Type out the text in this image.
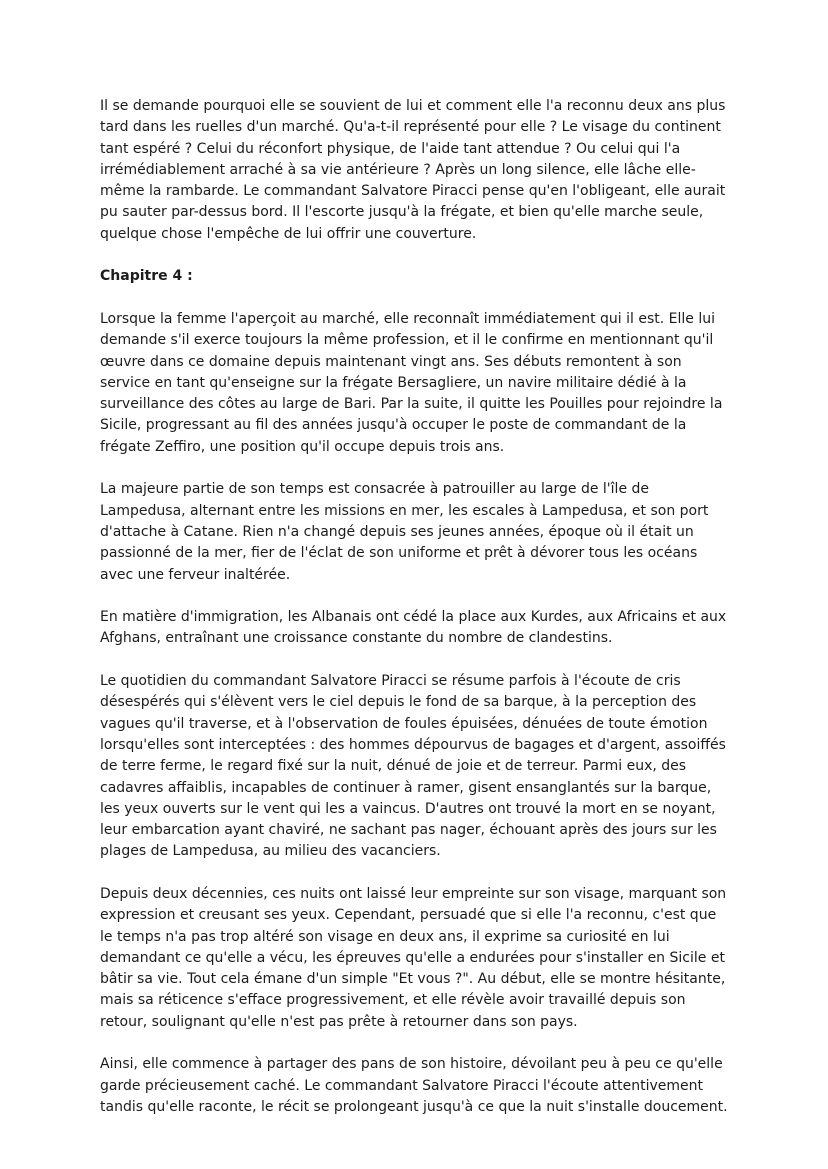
Il se demande pourquoi elle se souvient de lui et comment elle l'a reconnu deux ans plus tard dans les ruelles d'un marché. Qu'a-t-il représenté pour elle ? Le visage du continent tant espéré ? Celui du réconfort physique, de l'aide tant attendue ? Ou celui qui l'a irrémédiablement arraché à sa vie antérieure ? Après un long silence, elle lâche elle-même la rambarde. Le commandant Salvatore Piracci pense qu'en l'obligeant, elle aurait pu sauter par-dessus bord. Il l'escorte jusqu'à la frégate, et bien qu'elle marche seule, quelque chose l'empêche de lui offrir une couverture.

Chapitre 4 :

Lorsque la femme l'aperçoit au marché, elle reconnaît immédiatement qui il est. Elle lui demande s'il exerce toujours la même profession, et il le confirme en mentionnant qu'il œuvre dans ce domaine depuis maintenant vingt ans. Ses débuts remontent à son service en tant qu'enseigne sur la frégate Bersagliere, un navire militaire dédié à la surveillance des côtes au large de Bari. Par la suite, il quitte les Pouilles pour rejoindre la Sicile, progressant au fil des années jusqu'à occuper le poste de commandant de la frégate Zeffiro, une position qu'il occupe depuis trois ans.

La majeure partie de son temps est consacrée à patrouiller au large de l'île de Lampedusa, alternant entre les missions en mer, les escales à Lampedusa, et son port d'attache à Catane. Rien n'a changé depuis ses jeunes années, époque où il était un passionné de la mer, fier de l'éclat de son uniforme et prêt à dévorer tous les océans avec une ferveur inaltérée.

En matière d'immigration, les Albanais ont cédé la place aux Kurdes, aux Africains et aux Afghans, entraînant une croissance constante du nombre de clandestins.

Le quotidien du commandant Salvatore Piracci se résume parfois à l'écoute de cris désespérés qui s'élèvent vers le ciel depuis le fond de sa barque, à la perception des vagues qu'il traverse, et à l'observation de foules épuisées, dénuées de toute émotion lorsqu'elles sont interceptées : des hommes dépourvus de bagages et d'argent, assoiffés de terre ferme, le regard fixé sur la nuit, dénué de joie et de terreur. Parmi eux, des cadavres affaiblis, incapables de continuer à ramer, gisent ensanglantés sur la barque, les yeux ouverts sur le vent qui les a vaincus. D'autres ont trouvé la mort en se noyant, leur embarcation ayant chaviré, ne sachant pas nager, échouant après des jours sur les plages de Lampedusa, au milieu des vacanciers.

Depuis deux décennies, ces nuits ont laissé leur empreinte sur son visage, marquant son expression et creusant ses yeux. Cependant, persuadé que si elle l'a reconnu, c'est que le temps n'a pas trop altéré son visage en deux ans, il exprime sa curiosité en lui demandant ce qu'elle a vécu, les épreuves qu'elle a endurées pour s'installer en Sicile et bâtir sa vie. Tout cela émane d'un simple "Et vous ?". Au début, elle se montre hésitante, mais sa réticence s'efface progressivement, et elle révèle avoir travaillé depuis son retour, soulignant qu'elle n'est pas prête à retourner dans son pays.

Ainsi, elle commence à partager des pans de son histoire, dévoilant peu à peu ce qu'elle garde précieusement caché. Le commandant Salvatore Piracci l'écoute attentivement tandis qu'elle raconte, le récit se prolongeant jusqu'à ce que la nuit s'installe doucement.
